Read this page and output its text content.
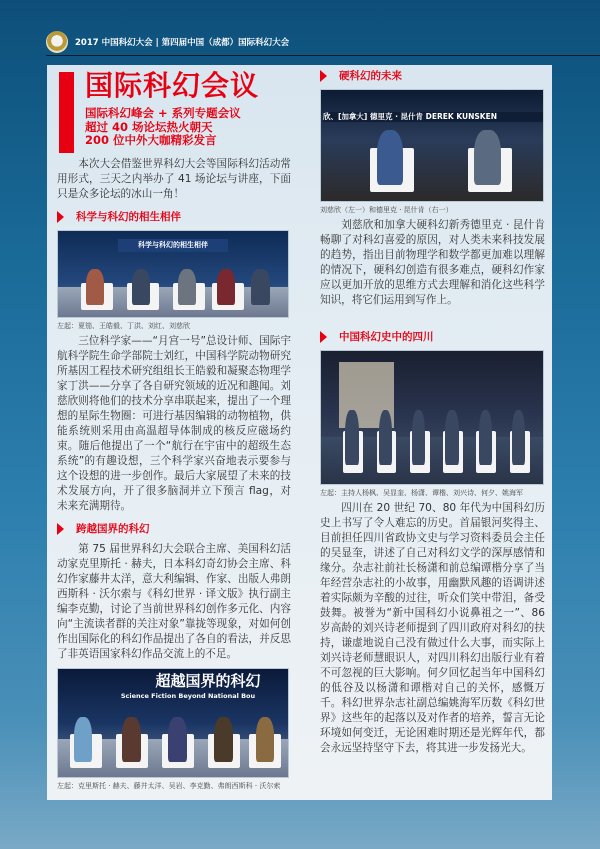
2017 中国科幻大会 | 第四届中国（成都）国际科幻大会
国际科幻会议
国际科幻峰会 + 系列专题会议
超过 40 场论坛热火朝天
200 位中外大咖精彩发言

本次大会借鉴世界科幻大会等国际科幻活动常用形式，三天之内举办了 41 场论坛与讲座，下面只是众多论坛的冰山一角！

科学与科幻的相生相伴
科学与科幻的相生相伴
左起：夏笳、王皓毅、丁洪、刘红、刘慈欣

三位科学家——“月宫一号”总设计师、国际宇航科学院生命学部院士刘红，中国科学院动物研究所基因工程技术研究组组长王皓毅和凝聚态物理学家丁洪——分享了各自研究领域的近况和趣闻。刘慈欣则将他们的技术分享串联起来，提出了一个理想的星际生物圈：可进行基因编辑的动物植物，供能系统则采用由高温超导体制成的核反应磁场约束。随后他提出了一个“航行在宇宙中的超级生态系统”的有趣设想，三个科学家兴奋地表示要参与这个设想的进一步创作。最后大家展望了未来的技术发展方向，开了很多脑洞并立下预言 flag，对未来充满期待。

跨越国界的科幻

第 75 届世界科幻大会联合主席、美国科幻活动家克里斯托 · 赫夫，日本科幻奇幻协会主席、科幻作家藤井太洋，意大利编辑、作家、出版人弗朗西斯科 · 沃尔索与《科幻世界 · 译文版》执行副主编李克勤，讨论了当前世界科幻创作多元化、内容向“主流读者群的关注对象”靠拢等现象，对如何创作出国际化的科幻作品提出了各自的看法，并反思了非英语国家科幻作品交流上的不足。

超越国界的科幻
Science Fiction Beyond National Bou
左起：克里斯托 · 赫夫、藤井太洋、吴岩、李克勤、弗朗西斯科 · 沃尔索
硬科幻的未来
欣、[加拿大] 德里克 · 昆什肯 DEREK KUNSKEN
刘慈欣（左一）和德里克 · 昆什肯（右一）

刘慈欣和加拿大硬科幻新秀德里克 · 昆什肯畅聊了对科幻喜爱的原因，对人类未来科技发展的趋势，指出目前物理学和数学都更加难以理解的情况下，硬科幻创造有很多难点，硬科幻作家应以更加开放的思维方式去理解和消化这些科学知识，将它们运用到写作上。

中国科幻史中的四川
左起：主持人杨枫、吴显奎、杨潇、谭楷、刘兴诗、何夕、姚海军

四川在 20 世纪 70、80 年代为中国科幻历史上书写了令人难忘的历史。首届银河奖得主、目前担任四川省政协文史与学习资料委员会主任的吴显奎，讲述了自己对科幻文学的深厚感情和缘分。杂志社前社长杨潇和前总编谭楷分享了当年经营杂志社的小故事，用幽默风趣的语调讲述着实际颇为辛酸的过往，听众们笑中带泪，备受鼓舞。被誉为“新中国科幻小说鼻祖之一”、86 岁高龄的刘兴诗老师提到了四川政府对科幻的扶持，谦虚地说自己没有做过什么大事，而实际上刘兴诗老师慧眼识人，对四川科幻出版行业有着不可忽视的巨大影响。何夕回忆起当年中国科幻的低谷及以杨潇和谭楷对自己的关怀，感慨万千。科幻世界杂志社副总编姚海军历数《科幻世界》这些年的起落以及对作者的培养，誓言无论环境如何变迁，无论困难时期还是光辉年代，都会永远坚持坚守下去，将其进一步发扬光大。
